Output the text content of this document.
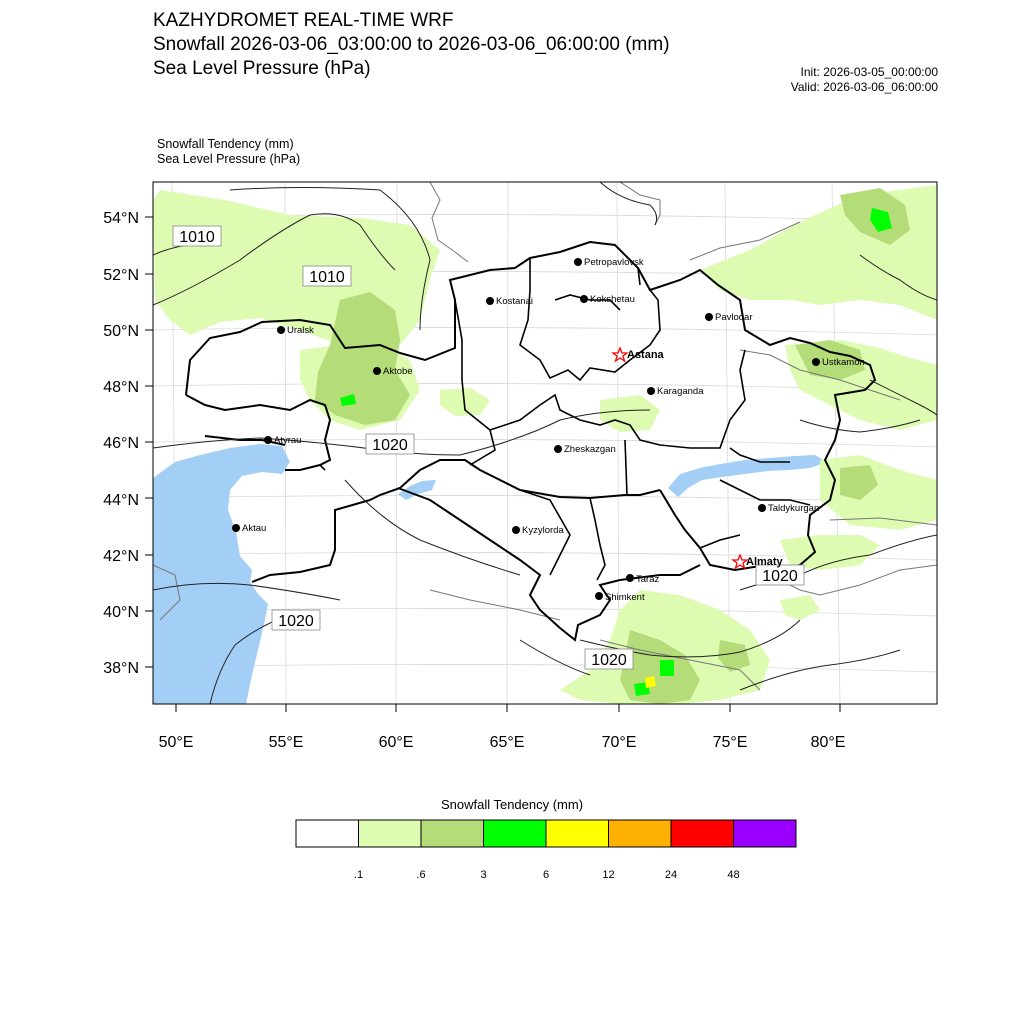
KAZHYDROMET REAL-TIME WRF
Snowfall 2026-03-06_03:00:00 to 2026-03-06_06:00:00 (mm)
Sea Level Pressure (hPa)	Init: 2026-03-05_00:00:00
Valid: 2026-03-06_06:00:00
Snowfall Tendency (mm)
Sea Level Pressure (hPa)
54°N
52°N
50°N
48°N
46°N
44°N
42°N
40°N
38°N
50°E	55°E	60°E	65°E	70°E	75°E	80°E
1010
1010
1020
1020
1020
1020
Petropavlovsk
Kostanai	Kokshetau
Pavlodar
Uralsk
Astana
Aktobe
Ustkamon
Karaganda
Atyrau
Zheskazgan
Aktau	Kyzylorda
Taldykurgan
Almaty
Taraz
Shimkent
.1	.6	3	6	12	24	48
Snowfall Tendency (mm)
